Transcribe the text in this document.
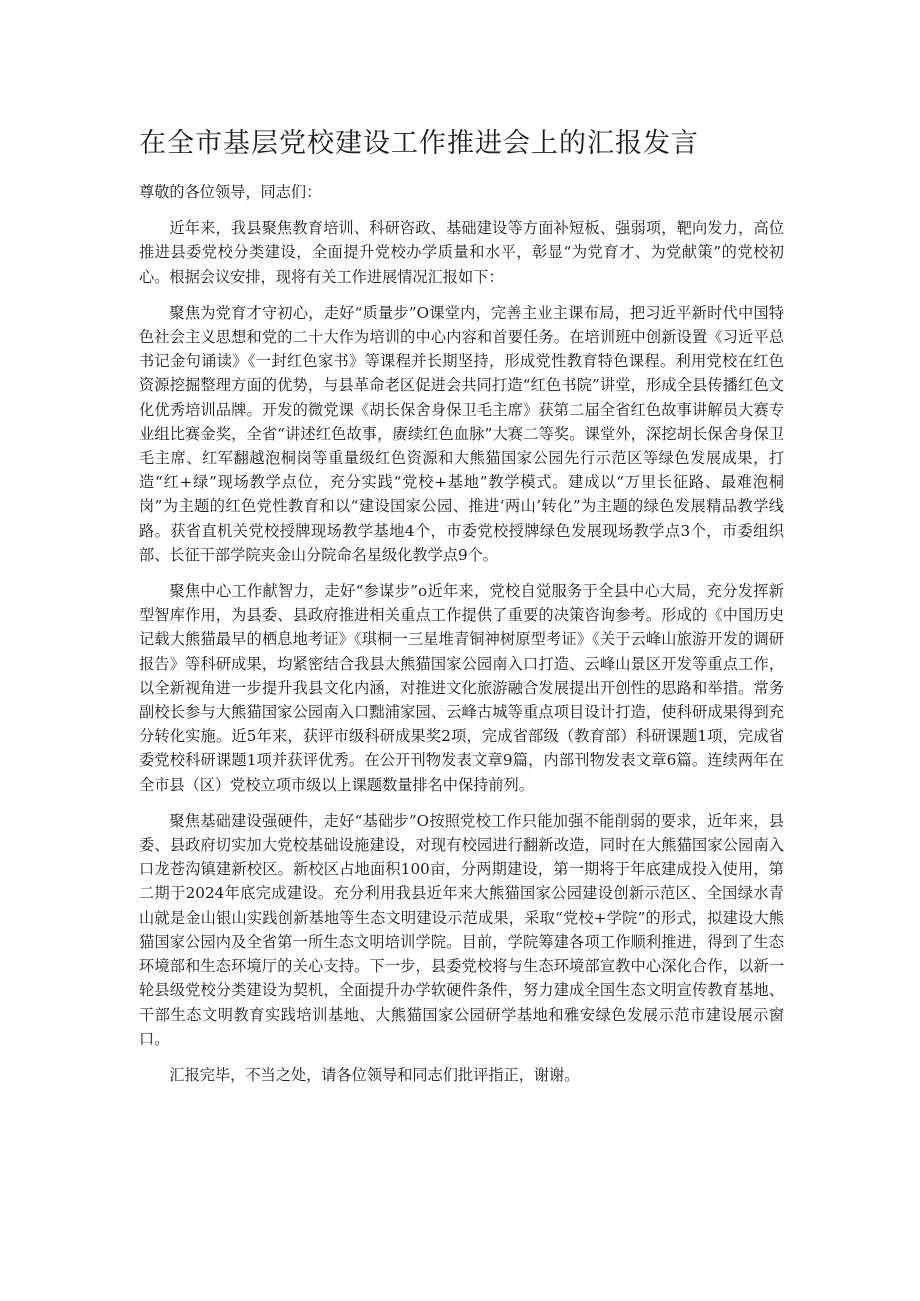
在全市基层党校建设工作推进会上的汇报发言

尊敬的各位领导，同志们：

近年来，我县聚焦教育培训、科研咨政、基础建设等方面补短板、强弱项，靶向发力，高位推进县委党校分类建设，全面提升党校办学质量和水平，彰显“为党育才、为党献策”的党校初心。根据会议安排，现将有关工作进展情况汇报如下：

聚焦为党育才守初心，走好“质量步”O课堂内，完善主业主课布局，把习近平新时代中国特色社会主义思想和党的二十大作为培训的中心内容和首要任务。在培训班中创新设置《习近平总书记金句诵读》《一封红色家书》等课程并长期坚持，形成党性教育特色课程。利用党校在红色资源挖掘整理方面的优势，与县革命老区促进会共同打造“红色书院”讲堂，形成全县传播红色文化优秀培训品牌。开发的微党课《胡长保舍身保卫毛主席》获第二届全省红色故事讲解员大赛专业组比赛金奖，全省“讲述红色故事，赓续红色血脉”大赛二等奖。课堂外，深挖胡长保舍身保卫毛主席、红军翻越泡桐岗等重量级红色资源和大熊猫国家公园先行示范区等绿色发展成果，打造“红+绿”现场教学点位，充分实践“党校+基地”教学模式。建成以“万里长征路、最难泡桐岗”为主题的红色党性教育和以“建设国家公园、推进‘两山’转化”为主题的绿色发展精品教学线路。获省直机关党校授牌现场教学基地4个，市委党校授牌绿色发展现场教学点3个，市委组织部、长征干部学院夹金山分院命名星级化教学点9个。

聚焦中心工作献智力，走好“参谋步”o近年来，党校自觉服务于全县中心大局，充分发挥新型智库作用，为县委、县政府推进相关重点工作提供了重要的决策咨询参考。形成的《中国历史记载大熊猫最早的栖息地考证》《琪桐一三星堆青铜神树原型考证》《关于云峰山旅游开发的调研报告》等科研成果，均紧密结合我县大熊猫国家公园南入口打造、云峰山景区开发等重点工作，以全新视角进一步提升我县文化内涵，对推进文化旅游融合发展提出开创性的思路和举措。常务副校长参与大熊猫国家公园南入口黜浦家园、云峰古城等重点项目设计打造，使科研成果得到充分转化实施。近5年来，获评市级科研成果奖2项，完成省部级（教育部）科研课题1项，完成省委党校科研课题1项并获评优秀。在公开刊物发表文章9篇，内部刊物发表文章6篇。连续两年在全市县（区）党校立项市级以上课题数量排名中保持前列。

聚焦基础建设强硬件，走好“基础步”O按照党校工作只能加强不能削弱的要求，近年来，县委、县政府切实加大党校基础设施建设，对现有校园进行翻新改造，同时在大熊猫国家公园南入口龙苍沟镇建新校区。新校区占地面积100亩，分两期建设，第一期将于年底建成投入使用，第二期于2024年底完成建设。充分利用我县近年来大熊猫国家公园建设创新示范区、全国绿水青山就是金山银山实践创新基地等生态文明建设示范成果，采取“党校+学院”的形式，拟建设大熊猫国家公园内及全省第一所生态文明培训学院。目前，学院筹建各项工作顺利推进，得到了生态环境部和生态环境厅的关心支持。下一步，县委党校将与生态环境部宣教中心深化合作，以新一轮县级党校分类建设为契机，全面提升办学软硬件条件，努力建成全国生态文明宣传教育基地、干部生态文明教育实践培训基地、大熊猫国家公园研学基地和雅安绿色发展示范市建设展示窗口。

汇报完毕，不当之处，请各位领导和同志们批评指正，谢谢。
